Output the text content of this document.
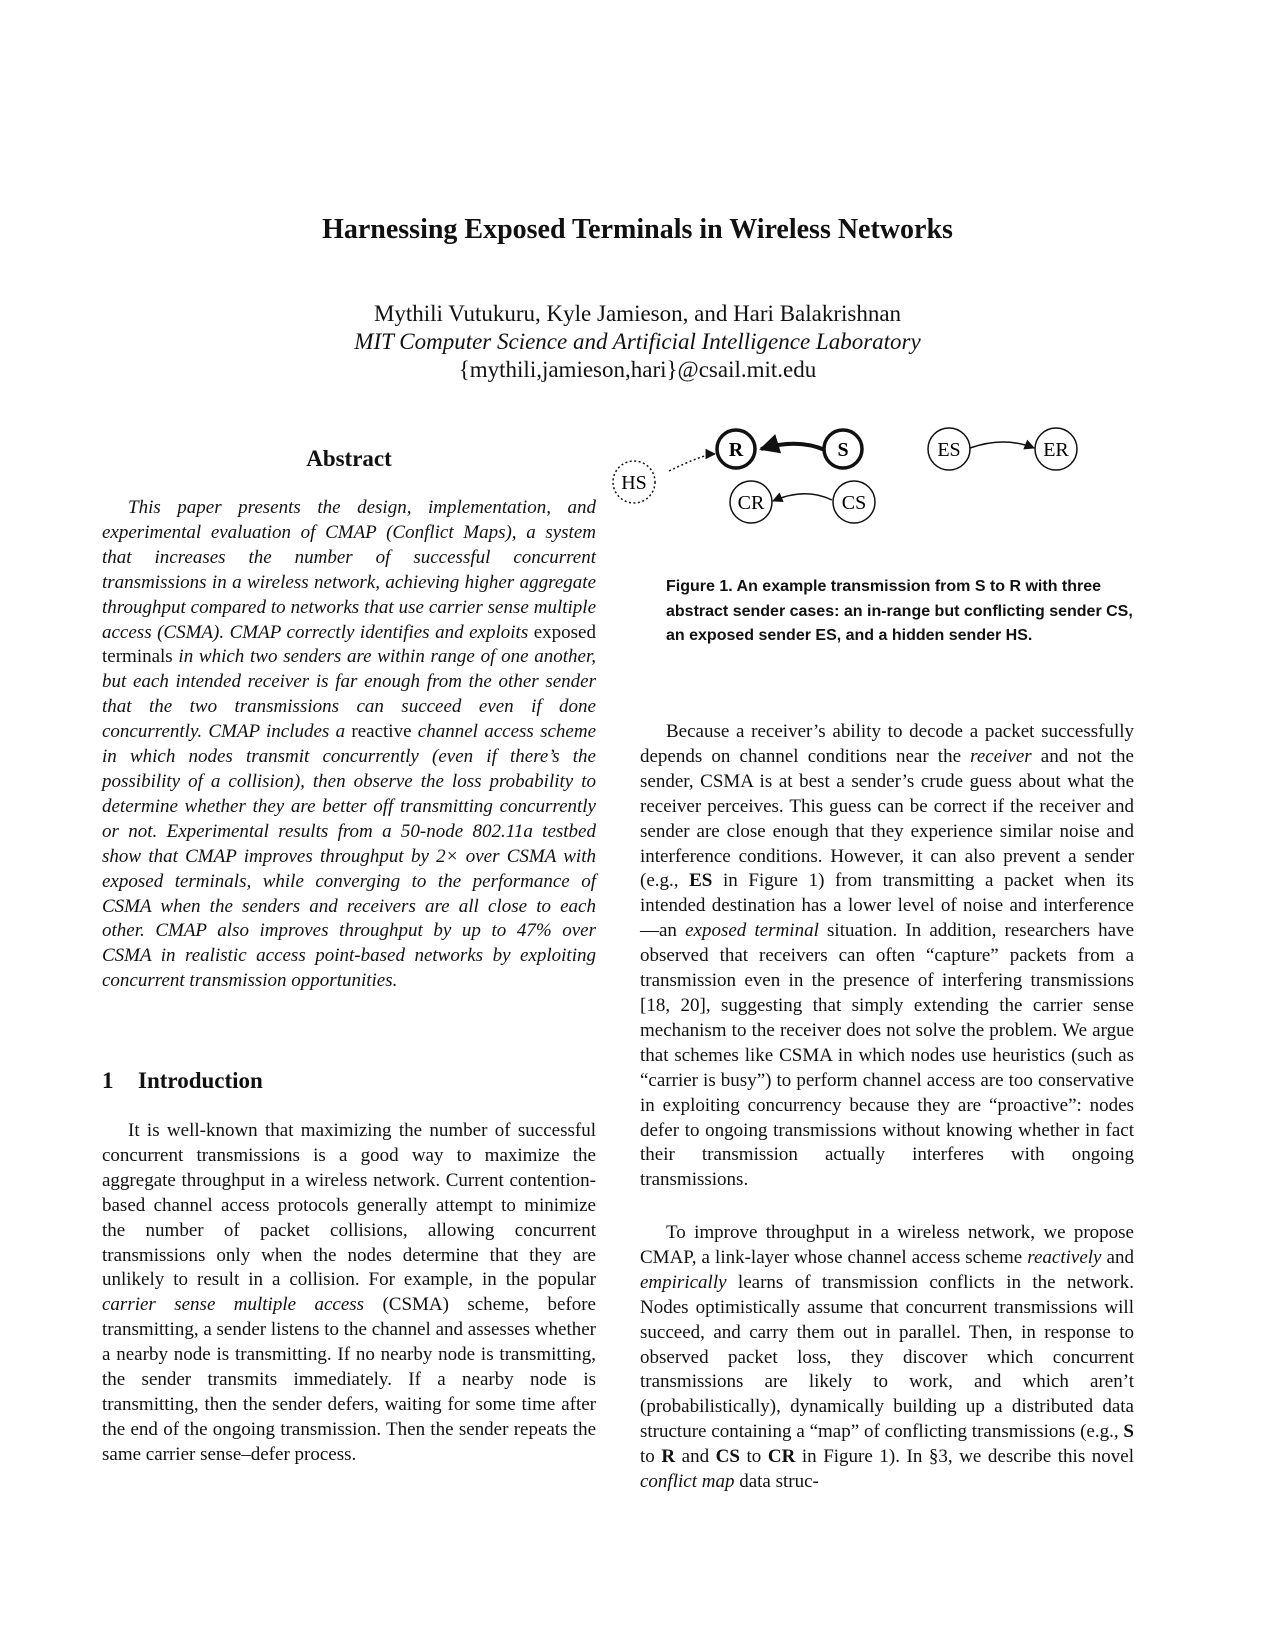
Harnessing Exposed Terminals in Wireless Networks
Mythili Vutukuru, Kyle Jamieson, and Hari Balakrishnan
MIT Computer Science and Artificial Intelligence Laboratory
{mythili,jamieson,hari}@csail.mit.edu
Abstract
This paper presents the design, implementation, and experimental evaluation of CMAP (Conflict Maps), a system that increases the number of successful concurrent transmissions in a wireless network, achieving higher aggregate throughput compared to networks that use carrier sense multiple access (CSMA). CMAP correctly identifies and exploits exposed terminals in which two senders are within range of one another, but each intended receiver is far enough from the other sender that the two transmissions can succeed even if done concurrently. CMAP includes a reactive channel access scheme in which nodes transmit concurrently (even if there’s the possibility of a collision), then observe the loss probability to determine whether they are better off transmitting concurrently or not. Experimental results from a 50-node 802.11a testbed show that CMAP improves throughput by 2× over CSMA with exposed terminals, while converging to the performance of CSMA when the senders and receivers are all close to each other. CMAP also improves throughput by up to 47% over CSMA in realistic access point-based networks by exploiting concurrent transmission opportunities.
1 Introduction
It is well-known that maximizing the number of successful concurrent transmissions is a good way to maximize the aggregate throughput in a wireless network. Current contention-based channel access protocols generally attempt to minimize the number of packet collisions, allowing concurrent transmissions only when the nodes determine that they are unlikely to result in a collision. For example, in the popular carrier sense multiple access (CSMA) scheme, before transmitting, a sender listens to the channel and assesses whether a nearby node is transmitting. If no nearby node is transmitting, the sender transmits immediately. If a nearby node is transmitting, then the sender defers, waiting for some time after the end of the ongoing transmission. Then the sender repeats the same carrier sense–defer process.
R	S
HS
CR	CS
ES	ER
Figure 1. An example transmission from S to R with three abstract sender cases: an in-range but conflicting sender CS, an exposed sender ES, and a hidden sender HS.

Because a receiver’s ability to decode a packet successfully depends on channel conditions near the receiver and not the sender, CSMA is at best a sender’s crude guess about what the receiver perceives. This guess can be correct if the receiver and sender are close enough that they experience similar noise and interference conditions. However, it can also prevent a sender (e.g., ES in Figure 1) from transmitting a packet when its intended destination has a lower level of noise and interference—an exposed terminal situation. In addition, researchers have observed that receivers can often “capture” packets from a transmission even in the presence of interfering transmissions [18, 20], suggesting that simply extending the carrier sense mechanism to the receiver does not solve the problem. We argue that schemes like CSMA in which nodes use heuristics (such as “carrier is busy”) to perform channel access are too conservative in exploiting concurrency because they are “proactive”: nodes defer to ongoing transmissions without knowing whether in fact their transmission actually interferes with ongoing transmissions.

To improve throughput in a wireless network, we propose CMAP, a link-layer whose channel access scheme reactively and empirically learns of transmission conflicts in the network. Nodes optimistically assume that concurrent transmissions will succeed, and carry them out in parallel. Then, in response to observed packet loss, they discover which concurrent transmissions are likely to work, and which aren’t (probabilistically), dynamically building up a distributed data structure containing a “map” of conflicting transmissions (e.g., S to R and CS to CR in Figure 1). In §3, we describe this novel conflict map data struc-
